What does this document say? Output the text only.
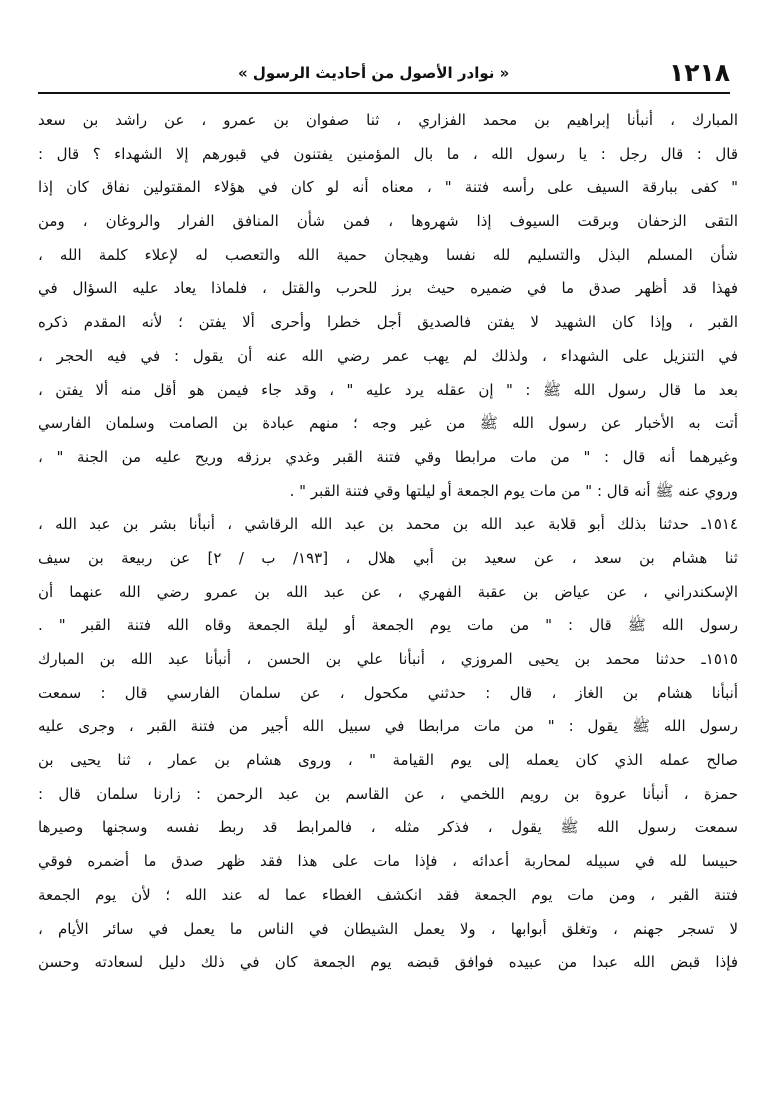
١٢١٨
« نوادر الأصول من أحاديث الرسول »
المبارك ، أنبأنا إبراهيم بن محمد الفزاري ، ثنا صفوان بن عمرو ، عن راشد بن سعد
قال : قال رجل : يا رسول الله ، ما بال المؤمنين يفتنون في قبورهم إلا الشهداء ؟ قال :
" كفى ببارقة السيف على رأسه فتنة " ، معناه أنه لو كان في هؤلاء المقتولين نفاق كان إذا
التقى الزحفان وبرقت السيوف إذا شهروها ، فمن شأن المنافق الفرار والروغان ، ومن
شأن المسلم البذل والتسليم لله نفسا وهيجان حمية الله والتعصب له لإعلاء كلمة الله ،
فهذا قد أظهر صدق ما في ضميره حيث برز للحرب والقتل ، فلماذا يعاد عليه السؤال في
القبر ، وإذا كان الشهيد لا يفتن فالصديق أجل خطرا وأحرى ألا يفتن ؛ لأنه المقدم ذكره
في التنزيل على الشهداء ، ولذلك لم يهب عمر رضي الله عنه أن يقول : في فيه الحجر ،
بعد ما قال رسول الله ﷺ : " إن عقله يرد عليه " ، وقد جاء فيمن هو أقل منه ألا يفتن ،
أتت به الأخبار عن رسول الله ﷺ من غير وجه ؛ منهم عبادة بن الصامت وسلمان الفارسي
وغيرهما أنه قال : " من مات مرابطا وقي فتنة القبر وغدي برزقه وريح عليه من الجنة " ،
وروي عنه ﷺ أنه قال : " من مات يوم الجمعة أو ليلتها وقي فتنة القبر " .
١٥١٤ـ حدثنا بذلك أبو قلابة عبد الله بن محمد بن عبد الله الرقاشي ، أنبأنا بشر بن عبد الله ،
ثنا هشام بن سعد ، عن سعيد بن أبي هلال ، [١٩٣/ ب / ٢] عن ربيعة بن سيف
الإسكندراني ، عن عياض بن عقبة الفهري ، عن عبد الله بن عمرو رضي الله عنهما أن
رسول الله ﷺ قال : " من مات يوم الجمعة أو ليلة الجمعة وقاه الله فتنة القبر " .
١٥١٥ـ حدثنا محمد بن يحيى المروزي ، أنبأنا علي بن الحسن ، أنبأنا عبد الله بن المبارك
أنبأنا هشام بن الغاز ، قال : حدثني مكحول ، عن سلمان الفارسي قال : سمعت
رسول الله ﷺ يقول : " من مات مرابطا في سبيل الله أجير من فتنة القبر ، وجرى عليه
صالح عمله الذي كان يعمله إلى يوم القيامة " ، وروى هشام بن عمار ، ثنا يحيى بن
حمزة ، أنبأنا عروة بن رويم اللخمي ، عن القاسم بن عبد الرحمن : زارنا سلمان قال :
سمعت رسول الله ﷺ يقول ، فذكر مثله ، فالمرابط قد ربط نفسه وسجنها وصيرها
حبيسا لله في سبيله لمحاربة أعدائه ، فإذا مات على هذا فقد ظهر صدق ما أضمره فوقي
فتنة القبر ، ومن مات يوم الجمعة فقد انكشف الغطاء عما له عند الله ؛ لأن يوم الجمعة
لا تسجر جهنم ، وتغلق أبوابها ، ولا يعمل الشيطان في الناس ما يعمل في سائر الأيام ،
فإذا قبض الله عبدا من عبيده فوافق قبضه يوم الجمعة كان في ذلك دليل لسعادته وحسن
